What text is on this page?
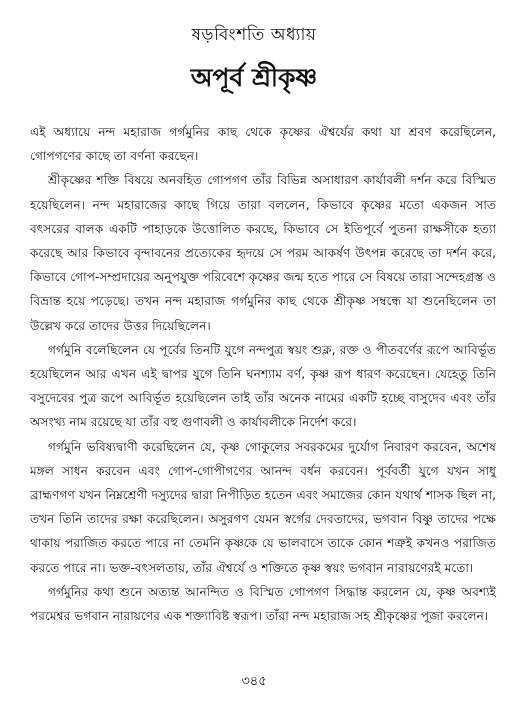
ষড়বিংশতি অধ্যায়
অপূর্ব শ্রীকৃষ্ণ

এই অধ্যায়ে নন্দ মহারাজ গর্গমুনির কাছ থেকে কৃষ্ণের ঐশ্বর্যের কথা যা শ্রবণ করেছিলেন, গোপগণের কাছে তা বর্ণনা করছেন।

শ্রীকৃষ্ণের শক্তি বিষয়ে অনবহিত গোপগণ তাঁর বিভিন্ন অসাধারণ কার্যাবলী দর্শন করে বিস্মিত হয়েছিলেন। নন্দ মহারাজের কাছে গিয়ে তারা বললেন, কিভাবে কৃষ্ণের মতো একজন সাত বৎসরের বালক একটি পাহাড়কে উত্তোলিত করছে, কিভাবে সে ইতিপূর্বে পুতনা রাক্ষসীকে হত্যা করেছে আর কিভাবে বৃন্দাবনের প্রত্যেকের হৃদয়ে সে পরম আকর্ষণ উৎপন্ন করেছে তা দর্শন করে, কিভাবে গোপ-সম্প্রদায়ের অনুপযুক্ত পরিবেশে কৃষ্ণের জন্ম হতে পারে সে বিষয়ে তারা সন্দেহগ্রস্ত ও বিভ্রান্ত হয়ে পড়েছে। তখন নন্দ মহারাজ গর্গমুনির কাছ থেকে শ্রীকৃষ্ণ সম্বন্ধে যা শুনেছিলেন তা উল্লেখ করে তাদের উত্তর দিয়েছিলেন।

গর্গমুনি বলেছিলেন যে পূর্বের তিনটি যুগে নন্দপুত্র স্বয়ং শুক্ল, রক্ত ও পীতবর্ণের রূপে আবির্ভূত হয়েছিলেন আর এখন এই দ্বাপর যুগে তিনি ঘনশ্যাম বর্ণ, কৃষ্ণ রূপ ধারণ করেছেন। যেহেতু তিনি বসুদেবের পুত্র রূপে আবির্ভূত হয়েছিলেন তাই তাঁর অনেক নামের একটি হচ্ছে বাসুদেব এবং তাঁর অসংখ্য নাম রয়েছে যা তাঁর বহু গুণাবলী ও কার্যাবলীকে নির্দেশ করে।

গর্গমুনি ভবিষ্যদ্বাণী করেছিলেন যে, কৃষ্ণ গোকুলের সবরকমের দুর্যোগ নিবারণ করবেন, অশেষ মঙ্গল সাধন করবেন এবং গোপ-গোপীগণের আনন্দ বর্ধন করবেন। পূর্ববর্তী যুগে যখন সাধু ব্রাহ্মণগণ যখন নিম্নশ্রেণী দস্যুদের দ্বারা নিপীড়িত হতেন এবং সমাজের কোন যথার্থ শাসক ছিল না, তখন তিনি তাদের রক্ষা করেছিলেন। অসুরগণ যেমন স্বর্গের দেবতাদের, ভগবান বিষ্ণু তাদের পক্ষে থাকায় পরাজিত করতে পারে না তেমনি কৃষ্ণকে যে ভালবাসে তাকে কোন শত্রুই কখনও পরাজিত করতে পারে না। ভক্ত-বৎসলতায়, তাঁর ঐশ্বর্যে ও শক্তিতে কৃষ্ণ স্বয়ং ভগবান নারায়ণেরই মতো।

গর্গমুনির কথা শুনে অত্যন্ত আনন্দিত ও বিস্মিত গোপগণ সিদ্ধান্ত করলেন যে, কৃষ্ণ অবশ্যই পরমেশ্বর ভগবান নারায়ণের এক শক্ত্যাবিষ্ট স্বরূপ। তাঁরা নন্দ মহারাজ সহ শ্রীকৃষ্ণের পূজা করলেন।

৩৪৫
